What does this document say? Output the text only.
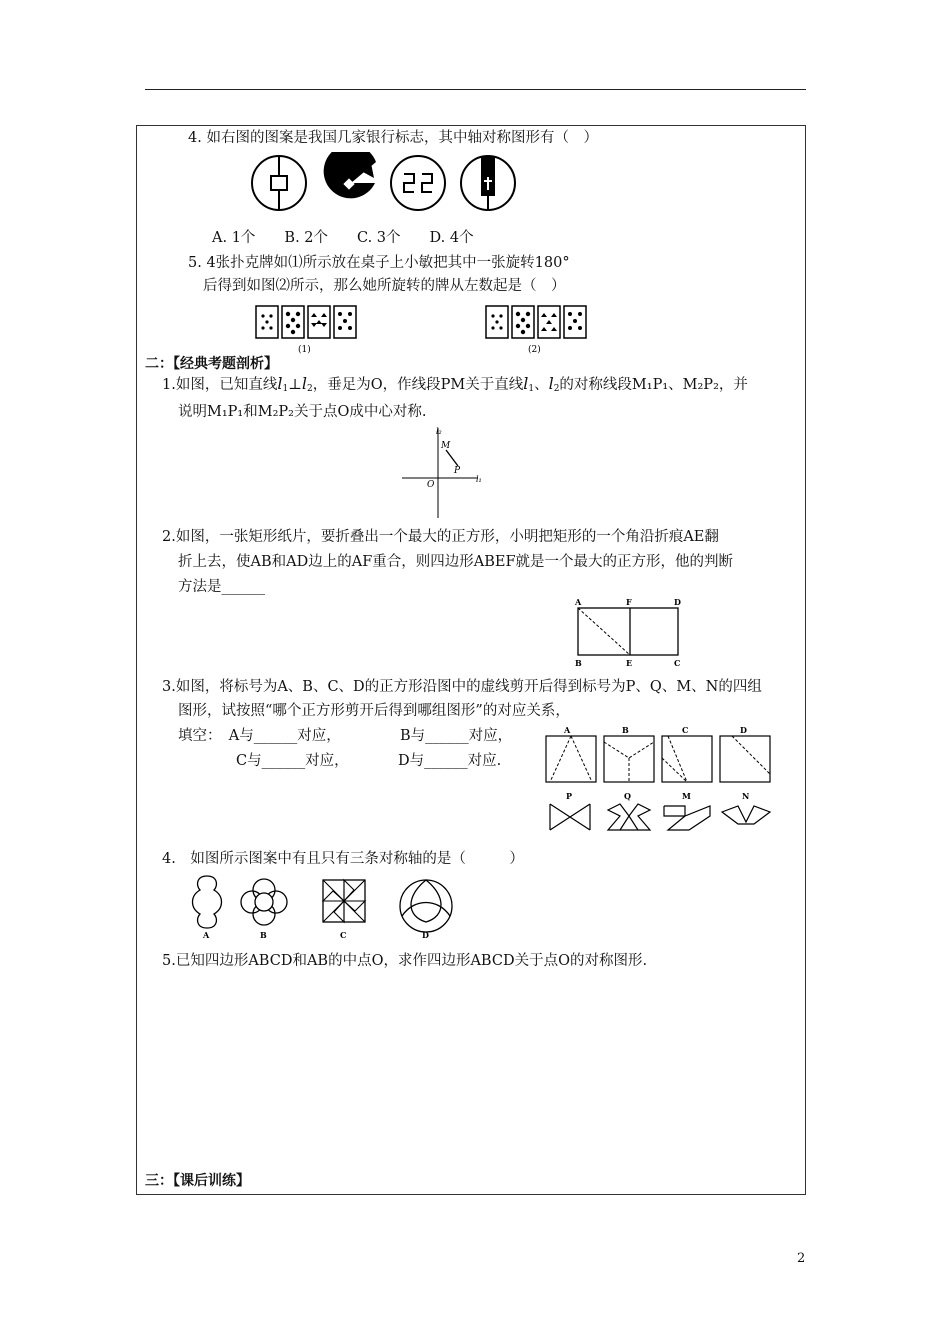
4. 如右图的图案是我国几家银行标志，其中轴对称图形有（　）
A. 1个　　B. 2个　　C. 3个　　D. 4个
5. 4张扑克牌如⑴所示放在桌子上小敏把其中一张旋转180°
后得到如图⑵所示，那么她所旋转的牌从左数起是（　）
(1)	(2)
二：【经典考题剖析】
1.如图，已知直线$l_1\perp l_2$，垂足为O，作线段PM关于直线$l_1$、$l_2$的对称线段M₁P₁、M₂P₂，并
说明M₁P₁和M₂P₂关于点O成中心对称.
l₂
l₁
M
P
O
2.如图，一张矩形纸片，要折叠出一个最大的正方形，小明把矩形的一个角沿折痕AE翻
折上去，使AB和AD边上的AF重合，则四边形ABEF就是一个最大的正方形，他的判断
方法是______
A	F	D
B	E	C
3.如图，将标号为A、B、C、D的正方形沿图中的虚线剪开后得到标号为P、Q、M、N的四组
图形，试按照“哪个正方形剪开后得到哪组图形”的对应关系，
填空：　A与______对应，	B与______对应，
C与______对应，	D与______对应.
A	B	C	D
P	Q	M	N
4.　如图所示图案中有且只有三条对称轴的是（　　　）
A	B	C	D
5.已知四边形ABCD和AB的中点O，求作四边形ABCD关于点O的对称图形.
三：【课后训练】
2
